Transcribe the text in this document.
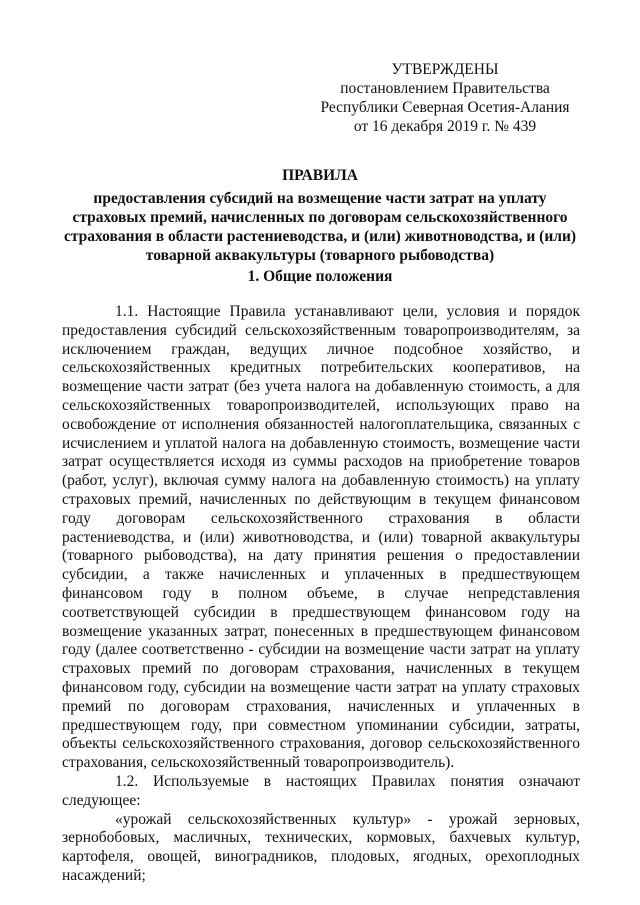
УТВЕРЖДЕНЫ
постановлением Правительства
Республики Северная Осетия-Алания
от 16 декабря 2019 г. № 439
ПРАВИЛА
предоставления субсидий на возмещение части затрат на уплату
страховых премий, начисленных по договорам сельскохозяйственного
страхования в области растениеводства, и (или) животноводства, и (или)
товарной аквакультуры (товарного рыбоводства)
1. Общие положения

1.1. Настоящие Правила устанавливают цели, условия и порядок предоставления субсидий сельскохозяйственным товаропроизводителям, за исключением граждан, ведущих личное подсобное хозяйство, и сельскохозяйственных кредитных потребительских кооперативов, на возмещение части затрат (без учета налога на добавленную стоимость, а для сельскохозяйственных товаропроизводителей, использующих право на освобождение от исполнения обязанностей налогоплательщика, связанных с исчислением и уплатой налога на добавленную стоимость, возмещение части затрат осуществляется исходя из суммы расходов на приобретение товаров (работ, услуг), включая сумму налога на добавленную стоимость) на уплату страховых премий, начисленных по действующим в текущем финансовом году договорам сельскохозяйственного страхования в области растениеводства, и (или) животноводства, и (или) товарной аквакультуры (товарного рыбоводства), на дату принятия решения о предоставлении субсидии, а также начисленных и уплаченных в предшествующем финансовом году в полном объеме, в случае непредставления соответствующей субсидии в предшествующем финансовом году на возмещение указанных затрат, понесенных в предшествующем финансовом году (далее соответственно - субсидии на возмещение части затрат на уплату страховых премий по договорам страхования, начисленных в текущем финансовом году, субсидии на возмещение части затрат на уплату страховых премий по договорам страхования, начисленных и уплаченных в предшествующем году, при совместном упоминании субсидии, затраты, объекты сельскохозяйственного страхования, договор сельскохозяйственного страхования, сельскохозяйственный товаропроизводитель).

1.2. Используемые в настоящих Правилах понятия означают следующее:

«урожай сельскохозяйственных культур» - урожай зерновых, зернобобовых, масличных, технических, кормовых, бахчевых культур, картофеля, овощей, виноградников, плодовых, ягодных, орехоплодных насаждений;
